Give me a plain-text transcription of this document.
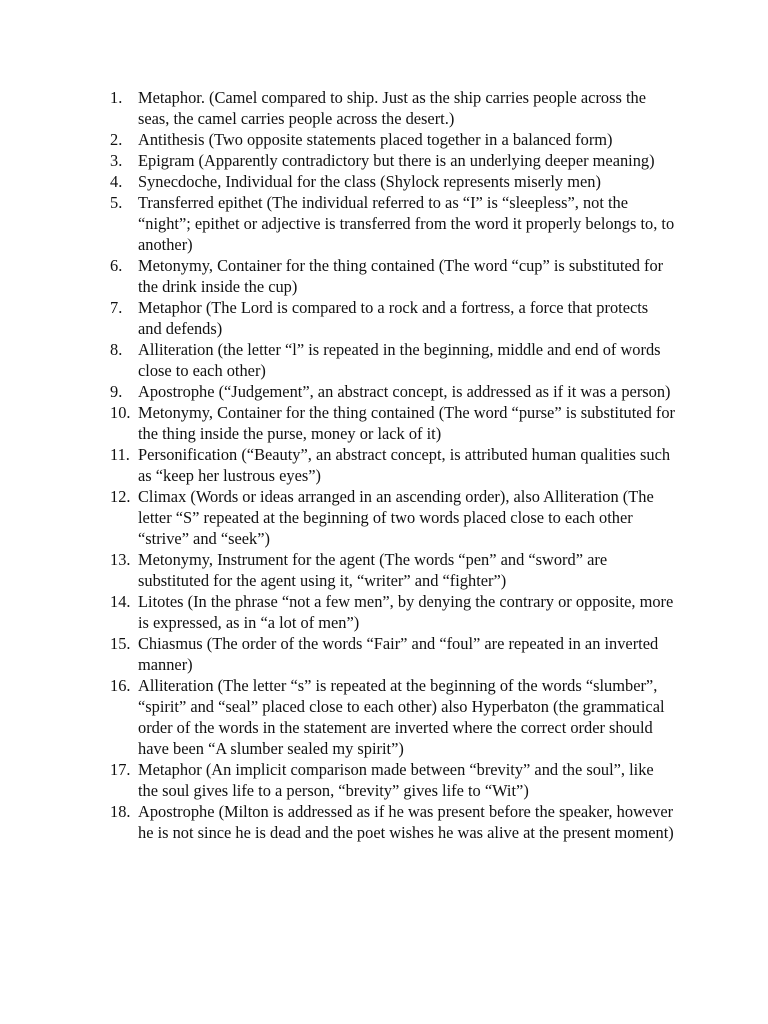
1. Metaphor. (Camel compared to ship. Just as the ship carries people across the seas, the camel carries people across the desert.)
2. Antithesis (Two opposite statements placed together in a balanced form)
3. Epigram (Apparently contradictory but there is an underlying deeper meaning)
4. Synecdoche, Individual for the class (Shylock represents miserly men)
5. Transferred epithet (The individual referred to as “I” is “sleepless”, not the “night”; epithet or adjective is transferred from the word it properly belongs to, to another)
6. Metonymy, Container for the thing contained (The word “cup” is substituted for the drink inside the cup)
7. Metaphor (The Lord is compared to a rock and a fortress, a force that protects and defends)
8. Alliteration (the letter “l” is repeated in the beginning, middle and end of words close to each other)
9. Apostrophe (“Judgement”, an abstract concept, is addressed as if it was a person)
10. Metonymy, Container for the thing contained (The word “purse” is substituted for the thing inside the purse, money or lack of it)
11. Personification (“Beauty”, an abstract concept, is attributed human qualities such as “keep her lustrous eyes”)
12. Climax (Words or ideas arranged in an ascending order), also Alliteration (The letter “S” repeated at the beginning of two words placed close to each other “strive” and “seek”)
13. Metonymy, Instrument for the agent (The words “pen” and “sword” are substituted for the agent using it, “writer” and “fighter”)
14. Litotes (In the phrase “not a few men”, by denying the contrary or opposite, more is expressed, as in “a lot of men”)
15. Chiasmus (The order of the words “Fair” and “foul” are repeated in an inverted manner)
16. Alliteration (The letter “s” is repeated at the beginning of the words “slumber”, “spirit” and “seal” placed close to each other) also Hyperbaton (the grammatical order of the words in the statement are inverted where the correct order should have been “A slumber sealed my spirit”)
17. Metaphor (An implicit comparison made between “brevity” and the soul”, like the soul gives life to a person, “brevity” gives life to “Wit”)
18. Apostrophe (Milton is addressed as if he was present before the speaker, however he is not since he is dead and the poet wishes he was alive at the present moment)
